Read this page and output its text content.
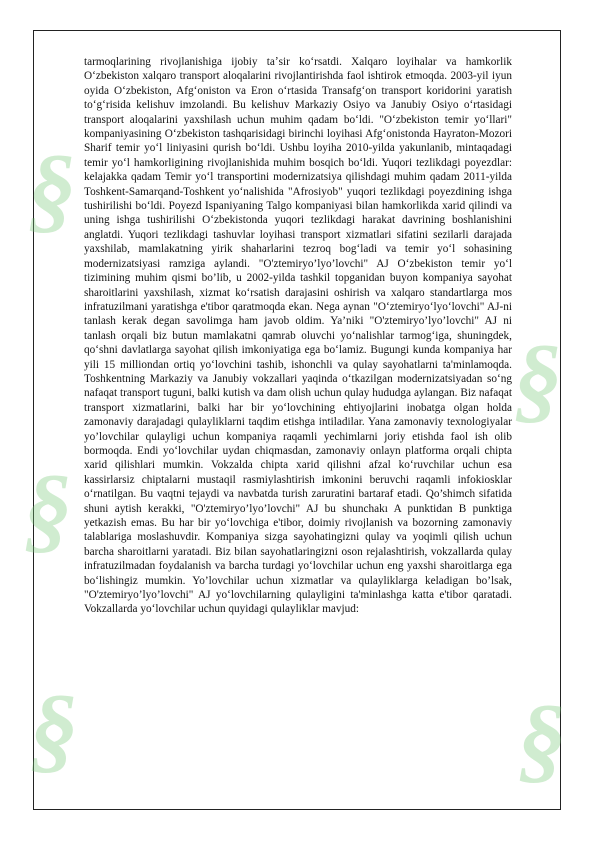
§
§
§
§	§

tarmoqlarining rivojlanishiga ijobiy taʼsir koʻrsatdi. Xalqaro loyihalar va hamkorlik Oʻzbekiston xalqaro transport aloqalarini rivojlantirishda faol ishtirok etmoqda. 2003-yil iyun oyida Oʻzbekiston, Afgʻoniston va Eron oʻrtasida Transafgʻon transport koridorini yaratish toʻgʻrisida kelishuv imzolandi. Bu kelishuv Markaziy Osiyo va Janubiy Osiyo oʻrtasidagi transport aloqalarini yaxshilash uchun muhim qadam boʻldi. "Oʻzbekiston temir yoʻllari" kompaniyasining Oʻzbekiston tashqarisidagi birinchi loyihasi Afgʻonistonda Hayraton-Mozori Sharif temir yoʻl liniyasini qurish boʻldi. Ushbu loyiha 2010-yilda yakunlanib, mintaqadagi temir yoʻl hamkorligining rivojlanishida muhim bosqich boʻldi. Yuqori tezlikdagi poyezdlar: kelajakka qadam Temir yoʻl transportini modernizatsiya qilishdagi muhim qadam 2011-yilda Toshkent-Samarqand-Toshkent yoʻnalishida "Afrosiyob" yuqori tezlikdagi poyezdining ishga tushirilishi boʻldi. Poyezd Ispaniyaning Talgo kompaniyasi bilan hamkorlikda xarid qilindi va uning ishga tushirilishi Oʻzbekistonda yuqori tezlikdagi harakat davrining boshlanishini anglatdi. Yuqori tezlikdagi tashuvlar loyihasi transport xizmatlari sifatini sezilarli darajada yaxshilab, mamlakatning yirik shaharlarini tezroq bogʻladi va temir yoʻl sohasining modernizatsiyasi ramziga aylandi. "O'ztemiryo’lyo’lovchi" AJ Oʻzbekiston temir yoʻl tizimining muhim qismi bo’lib, u 2002-yilda tashkil topganidan buyon kompaniya sayohat sharoitlarini yaxshilash, xizmat koʻrsatish darajasini oshirish va xalqaro standartlarga mos infratuzilmani yaratishga e'tibor qaratmoqda ekan. Nega aynan "Oʻztemiryoʻlyoʻlovchi" AJ-ni tanlash kerak degan savolimga ham javob oldim. Ya’niki "O'ztemiryo’lyo’lovchi" AJ ni tanlash orqali biz butun mamlakatni qamrab oluvchi yoʻnalishlar tarmogʻiga, shuningdek, qoʻshni davlatlarga sayohat qilish imkoniyatiga ega boʻlamiz. Bugungi kunda kompaniya har yili 15 milliondan ortiq yoʻlovchini tashib, ishonchli va qulay sayohatlarni ta'minlamoqda. Toshkentning Markaziy va Janubiy vokzallari yaqinda oʻtkazilgan modernizatsiyadan soʻng nafaqat transport tuguni, balki kutish va dam olish uchun qulay hududga aylangan. Biz nafaqat transport xizmatlarini, balki har bir yoʻlovchining ehtiyojlarini inobatga olgan holda zamonaviy darajadagi qulayliklarni taqdim etishga intiladilar. Yana zamonaviy texnologiyalar yo’lovchilar qulayligi uchun kompaniya raqamli yechimlarni joriy etishda faol ish olib bormoqda. Endi yoʻlovchilar uydan chiqmasdan, zamonaviy onlayn platforma orqali chipta xarid qilishlari mumkin. Vokzalda chipta xarid qilishni afzal koʻruvchilar uchun esa kassirlarsiz chiptalarni mustaqil rasmiylashtirish imkonini beruvchi raqamli infokiosklar oʻrnatilgan. Bu vaqtni tejaydi va navbatda turish zaruratini bartaraf etadi. Qo’shimch sifatida shuni aytish kerakki, "O'ztemiryo’lyo’lovchi" AJ bu shunchakı A punktidan B punktiga yetkazish emas. Bu har bir yoʻlovchiga e'tibor, doimiy rivojlanish va bozorning zamonaviy talablariga moslashuvdir. Kompaniya sizga sayohatingizni qulay va yoqimli qilish uchun barcha sharoitlarni yaratadi. Biz bilan sayohatlaringizni oson rejalashtirish, vokzallarda qulay infratuzilmadan foydalanish va barcha turdagi yoʻlovchilar uchun eng yaxshi sharoitlarga ega boʻlishingiz mumkin. Yo’lovchilar uchun xizmatlar va qulayliklarga keladigan bo’lsak, "O'ztemiryo’lyo’lovchi" AJ yoʻlovchilarning qulayligini ta'minlashga katta e'tibor qaratadi. Vokzallarda yoʻlovchilar uchun quyidagi qulayliklar mavjud:
